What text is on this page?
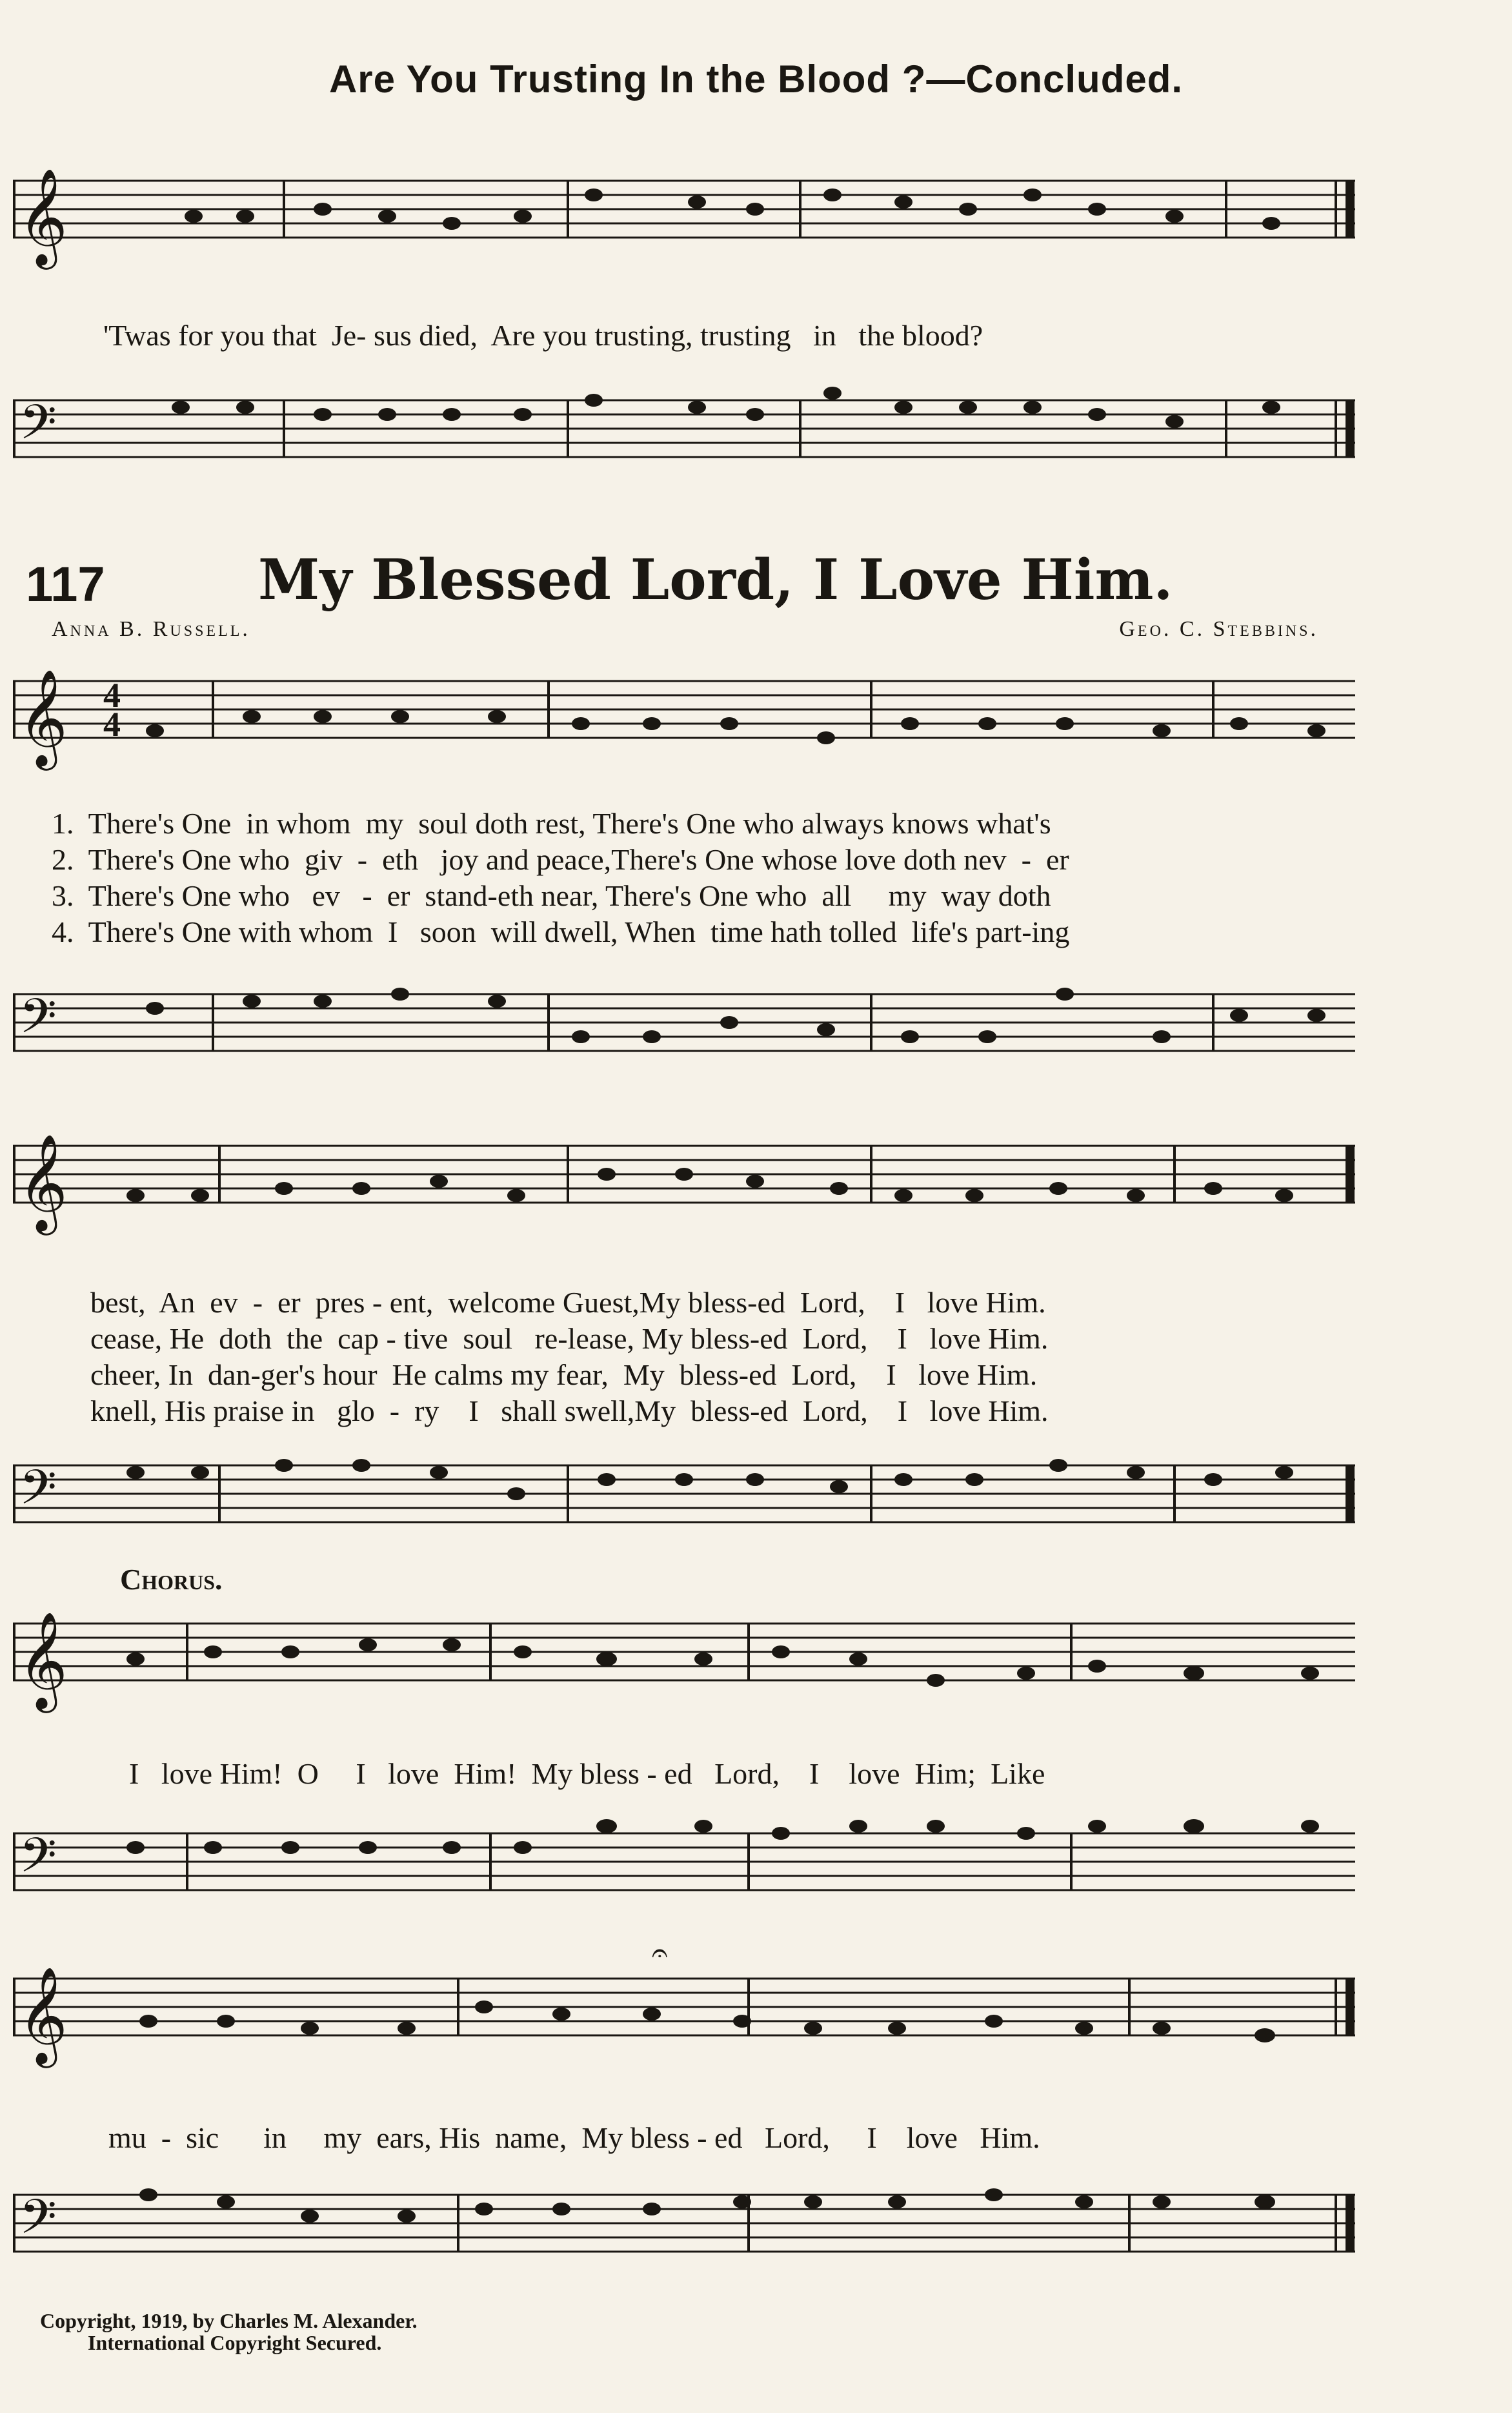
Are You Trusting In the Blood ?—Concluded.
𝄞
'Twas for you that  Je- sus died,  Are you trusting, trusting   in   the blood?
𝄢
117	My Blessed Lord, I Love Him.
Anna B. Russell.	Geo. C. Stebbins.
𝄞 4
4
1.  There's One  in whom  my  soul doth rest, There's One who always knows what's
2.  There's One who  giv  -  eth   joy and peace,There's One whose love doth nev  -  er
3.  There's One who   ev   -  er  stand-eth near, There's One who  all     my  way doth
4.  There's One with whom  I   soon  will dwell, When  time hath tolled  life's part-ing
𝄢
𝄞
best,  An  ev  -  er  pres - ent,  welcome Guest,My bless-ed  Lord,    I   love Him.
cease, He  doth  the  cap - tive  soul   re-lease, My bless-ed  Lord,    I   love Him.
cheer, In  dan-ger's hour  He calms my fear,  My  bless-ed  Lord,    I   love Him.
knell, His praise in   glo  -  ry    I   shall swell,My  bless-ed  Lord,    I   love Him.
𝄢
Chorus.
𝄞
I   love Him!  O     I   love  Him!  My bless - ed   Lord,    I    love  Him;  Like
𝄢
𝄞
𝄐
mu  -  sic      in     my  ears, His  name,  My bless - ed   Lord,     I    love   Him.
𝄢
Copyright, 1919, by Charles M. Alexander.
International Copyright Secured.
